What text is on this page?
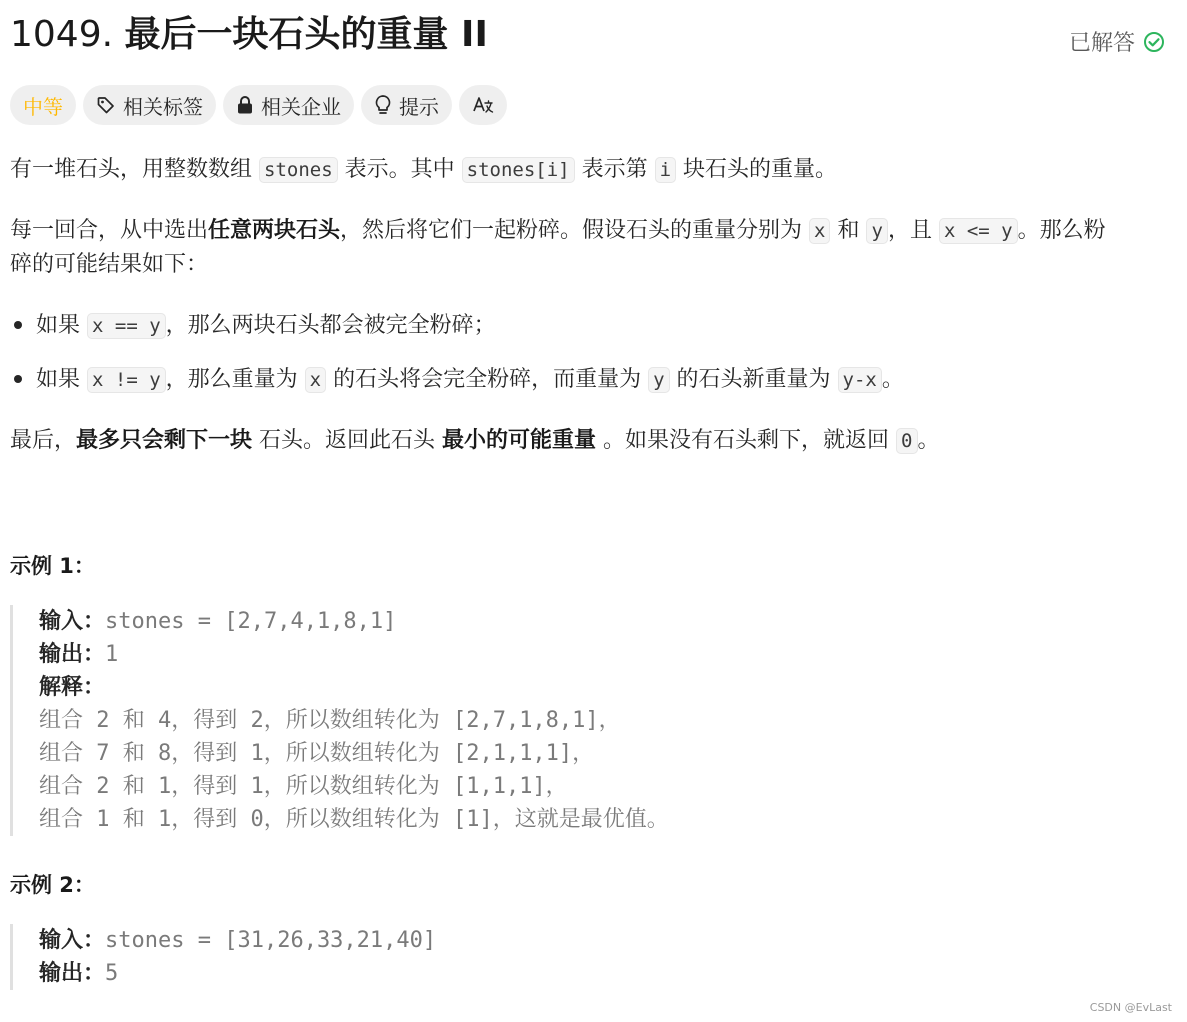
1049. 最后一块石头的重量 II	已解答
中等	相关标签	相关企业	提示
有一堆石头，用整数数组 stones 表示。其中 stones[i] 表示第 i 块石头的重量。
每一回合，从中选出任意两块石头，然后将它们一起粉碎。假设石头的重量分别为 x 和 y ，且 x <= y 。那么粉
碎的可能结果如下：
如果 x == y ，那么两块石头都会被完全粉碎；
如果 x != y ，那么重量为 x 的石头将会完全粉碎，而重量为 y 的石头新重量为 y-x 。
最后，最多只会剩下一块 石头。返回此石头 最小的可能重量 。如果没有石头剩下，就返回 0 。
示例 1：
输入：stones = [2,7,4,1,8,1]
输出：1
解释：
组合 2 和 4，得到 2，所以数组转化为 [2,7,1,8,1]，
组合 7 和 8，得到 1，所以数组转化为 [2,1,1,1]，
组合 2 和 1，得到 1，所以数组转化为 [1,1,1]，
组合 1 和 1，得到 0，所以数组转化为 [1]，这就是最优值。
示例 2：
输入：stones = [31,26,33,21,40]
输出：5
CSDN @EvLast
